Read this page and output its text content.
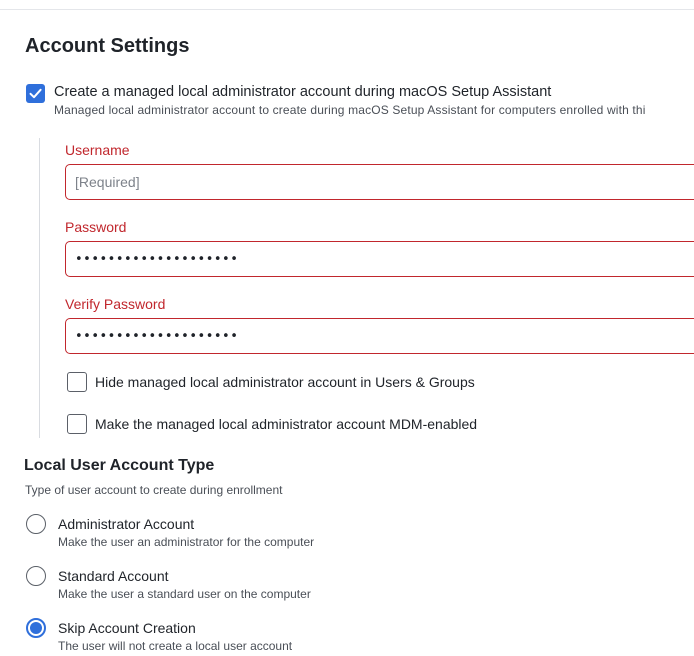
Account Settings
Create a managed local administrator account during macOS Setup Assistant
Managed local administrator account to create during macOS Setup Assistant for computers enrolled with thi
Username
[Required]
Password
••••••••••••••••••••
Verify Password
••••••••••••••••••••
Hide managed local administrator account in Users & Groups
Make the managed local administrator account MDM-enabled
Local User Account Type
Type of user account to create during enrollment
Administrator Account
Make the user an administrator for the computer
Standard Account
Make the user a standard user on the computer
Skip Account Creation
The user will not create a local user account
